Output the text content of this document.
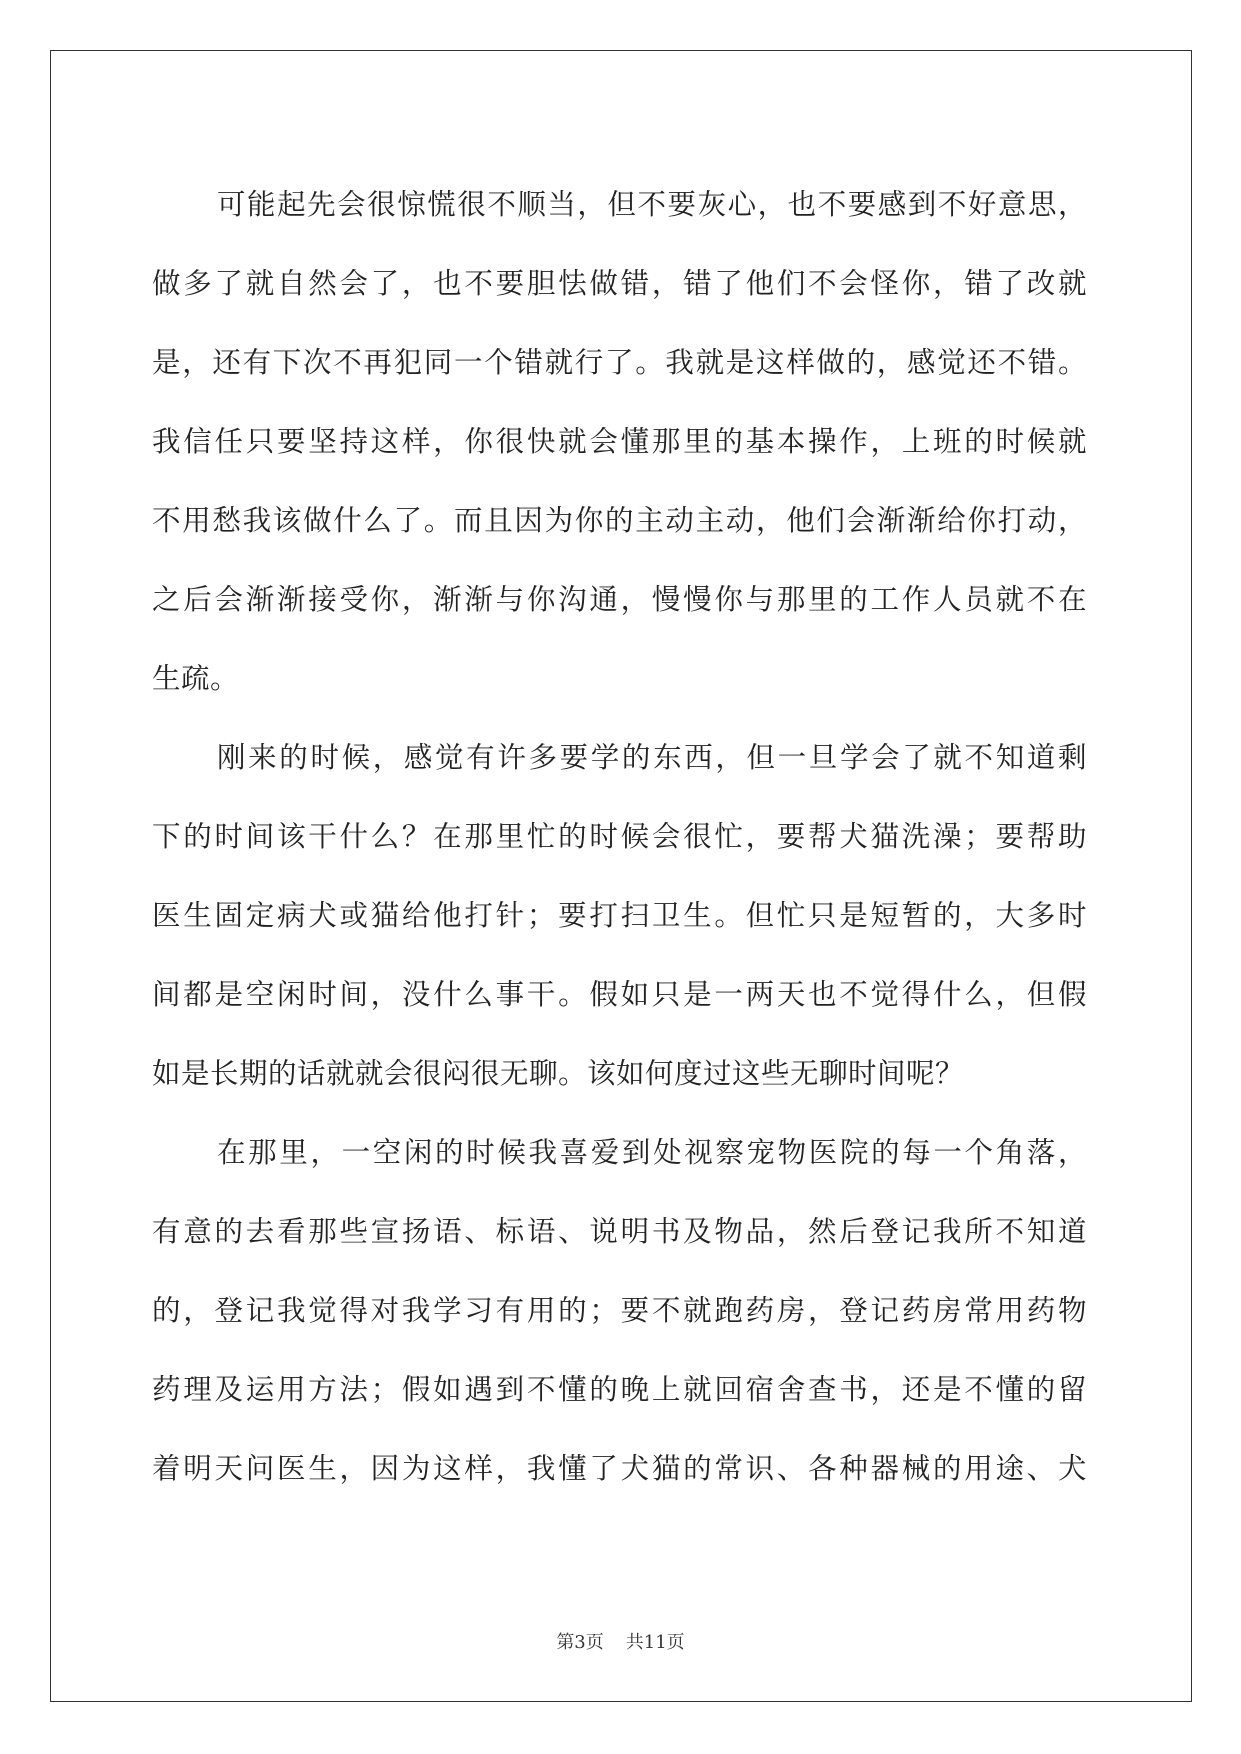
可能起先会很惊慌很不顺当，但不要灰心，也不要感到不好意思，
做多了就自然会了，也不要胆怯做错，错了他们不会怪你，错了改就
是，还有下次不再犯同一个错就行了。我就是这样做的，感觉还不错。
我信任只要坚持这样，你很快就会懂那里的基本操作，上班的时候就
不用愁我该做什么了。而且因为你的主动主动，他们会渐渐给你打动，
之后会渐渐接受你，渐渐与你沟通，慢慢你与那里的工作人员就不在
生疏。
刚来的时候，感觉有许多要学的东西，但一旦学会了就不知道剩
下的时间该干什么？在那里忙的时候会很忙，要帮犬猫洗澡；要帮助
医生固定病犬或猫给他打针；要打扫卫生。但忙只是短暂的，大多时
间都是空闲时间，没什么事干。假如只是一两天也不觉得什么，但假
如是长期的话就就会很闷很无聊。该如何度过这些无聊时间呢？
在那里，一空闲的时候我喜爱到处视察宠物医院的每一个角落，
有意的去看那些宣扬语、标语、说明书及物品，然后登记我所不知道
的，登记我觉得对我学习有用的；要不就跑药房，登记药房常用药物
药理及运用方法；假如遇到不懂的晚上就回宿舍查书，还是不懂的留
着明天问医生，因为这样，我懂了犬猫的常识、各种器械的用途、犬
第3页 共11页
